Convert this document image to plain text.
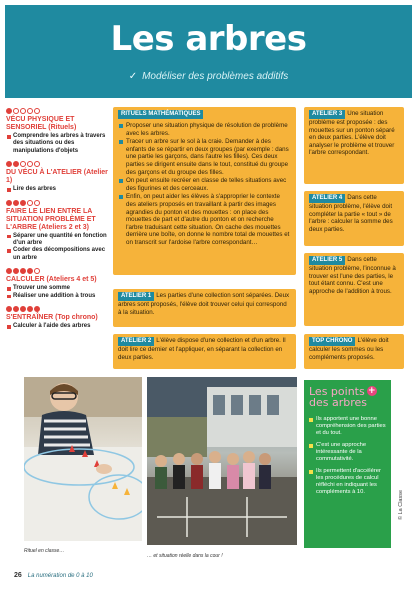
Les arbres
✓ Modéliser des problèmes additifs
VÉCU PHYSIQUE ET SENSORIEL (Rituels)
Comprendre les arbres à travers des situations ou des manipulations d'objets
DU VÉCU À L'ATELIER (Atelier 1)
Lire des arbres
FAIRE LE LIEN ENTRE LA SITUATION PROBLÈME ET L'ARBRE (Ateliers 2 et 3)
Séparer une quantité en fonction d'un arbre
Coder des décompositions avec un arbre
CALCULER (Ateliers 4 et 5)
Trouver une somme
Réaliser une addition à trous
S'ENTRAÎNER (Top chrono)
Calculer à l'aide des arbres
RITUELS MATHÉMATIQUES
Proposer une situation physique de résolution de problème avec les arbres.
Tracer un arbre sur le sol à la craie. Demander à des enfants de se répartir en deux groupes (par exemple : dans une partie les garçons, dans l'autre les filles). Ces deux parties se dirigent ensuite dans le tout, constitué du groupe des garçons et du groupe des filles.
On peut ensuite recréer en classe de telles situations avec des figurines et des cerceaux.
Enfin, on peut aider les élèves à s'approprier le contexte des ateliers proposés en travaillant à partir des images agrandies du ponton et des mouettes : on place des mouettes de part et d'autre du ponton et on recherche l'arbre traduisant cette situation. On cache des mouettes derrière une boîte, on donne le nombre total de mouettes et on transcrit sur l'ardoise l'arbre correspondant…
ATELIER 1 Les parties d'une collection sont séparées. Deux arbres sont proposés, l'élève doit trouver celui qui correspond à la situation.
ATELIER 2 L'élève dispose d'une collection et d'un arbre. Il doit lire ce dernier et l'appliquer, en séparant la collection en deux parties.
ATELIER 3 Une situation problème est proposée : des mouettes sur un ponton séparé en deux parties. L'élève doit analyser le problème et trouver l'arbre correspondant.
ATELIER 4 Dans cette situation problème, l'élève doit compléter la partie « tout » de l'arbre : calculer la somme des deux parties.
ATELIER 5 Dans cette situation problème, l'inconnue à trouver est l'une des parties, le tout étant connu. C'est une approche de l'addition à trous.
TOP CHRONO L'élève doit calculer les sommes ou les compléments proposés.
Rituel en classe…
… et situation réelle dans la cour !
Les points +
des arbres
Ils apportent une bonne compréhension des parties et du tout.
C'est une approche intéressante de la commutativité.
Ils permettent d'accélérer les procédures de calcul réfléchi en indiquant les compléments à 10.	© La Classe
26 La numération de 0 à 10
